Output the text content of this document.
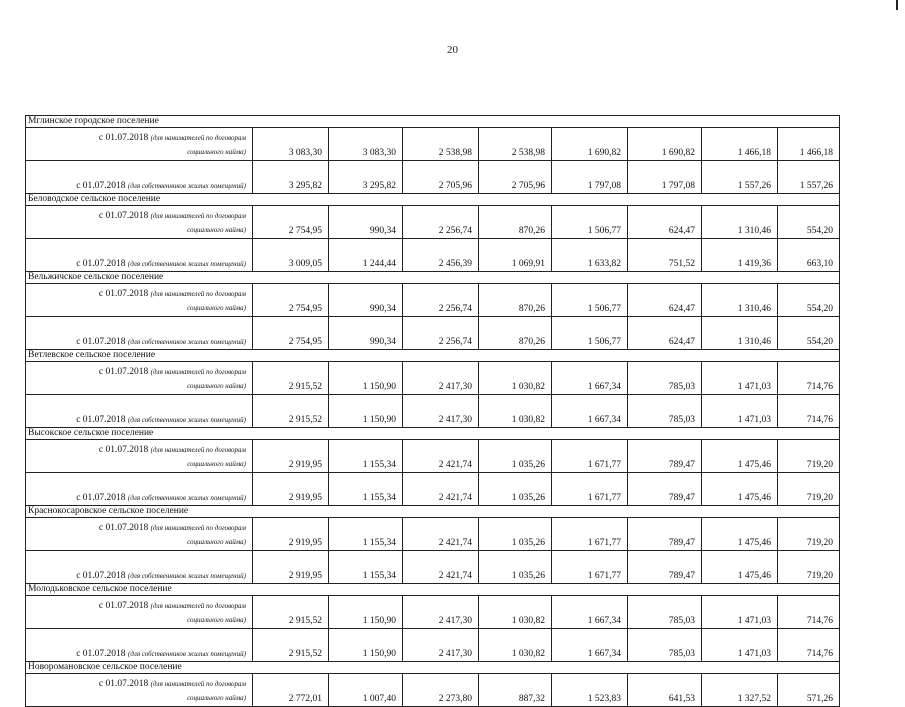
20
Мглинское городское поселение								

с 01.07.2018 (для нанимателей по договорам
социального найма)	3 083,30	3 083,30	2 538,98	2 538,98	1 690,82	1 690,82	1 466,18	1 466,18
с 01.07.2018 (для собственников жилых помещений)	3 295,82	3 295,82	2 705,96	2 705,96	1 797,08	1 797,08	1 557,26	1 557,26
Беловодское сельское поселение								

с 01.07.2018 (для нанимателей по договорам
социального найма)	2 754,95	990,34	2 256,74	870,26	1 506,77	624,47	1 310,46	554,20
с 01.07.2018 (для собственников жилых помещений)	3 009,05	1 244,44	2 456,39	1 069,91	1 633,82	751,52	1 419,36	663,10
Вельжичское сельское поселение								

с 01.07.2018 (для нанимателей по договорам
социального найма)	2 754,95	990,34	2 256,74	870,26	1 506,77	624,47	1 310,46	554,20
с 01.07.2018 (для собственников жилых помещений)	2 754,95	990,34	2 256,74	870,26	1 506,77	624,47	1 310,46	554,20
Ветлевское сельское поселение								

с 01.07.2018 (для нанимателей по договорам
социального найма)	2 915,52	1 150,90	2 417,30	1 030,82	1 667,34	785,03	1 471,03	714,76
с 01.07.2018 (для собственников жилых помещений)	2 915,52	1 150,90	2 417,30	1 030,82	1 667,34	785,03	1 471,03	714,76
Высокское сельское поселение								

с 01.07.2018 (для нанимателей по договорам
социального найма)	2 919,95	1 155,34	2 421,74	1 035,26	1 671,77	789,47	1 475,46	719,20
с 01.07.2018 (для собственников жилых помещений)	2 919,95	1 155,34	2 421,74	1 035,26	1 671,77	789,47	1 475,46	719,20
Краснокосаровское сельское поселение								

с 01.07.2018 (для нанимателей по договорам
социального найма)	2 919,95	1 155,34	2 421,74	1 035,26	1 671,77	789,47	1 475,46	719,20
с 01.07.2018 (для собственников жилых помещений)	2 919,95	1 155,34	2 421,74	1 035,26	1 671,77	789,47	1 475,46	719,20
Молодьковское сельское поселение								

с 01.07.2018 (для нанимателей по договорам
социального найма)	2 915,52	1 150,90	2 417,30	1 030,82	1 667,34	785,03	1 471,03	714,76
с 01.07.2018 (для собственников жилых помещений)	2 915,52	1 150,90	2 417,30	1 030,82	1 667,34	785,03	1 471,03	714,76
Новоромановское сельское поселение								

с 01.07.2018 (для нанимателей по договорам
социального найма)	2 772,01	1 007,40	2 273,80	887,32	1 523,83	641,53	1 327,52	571,26
